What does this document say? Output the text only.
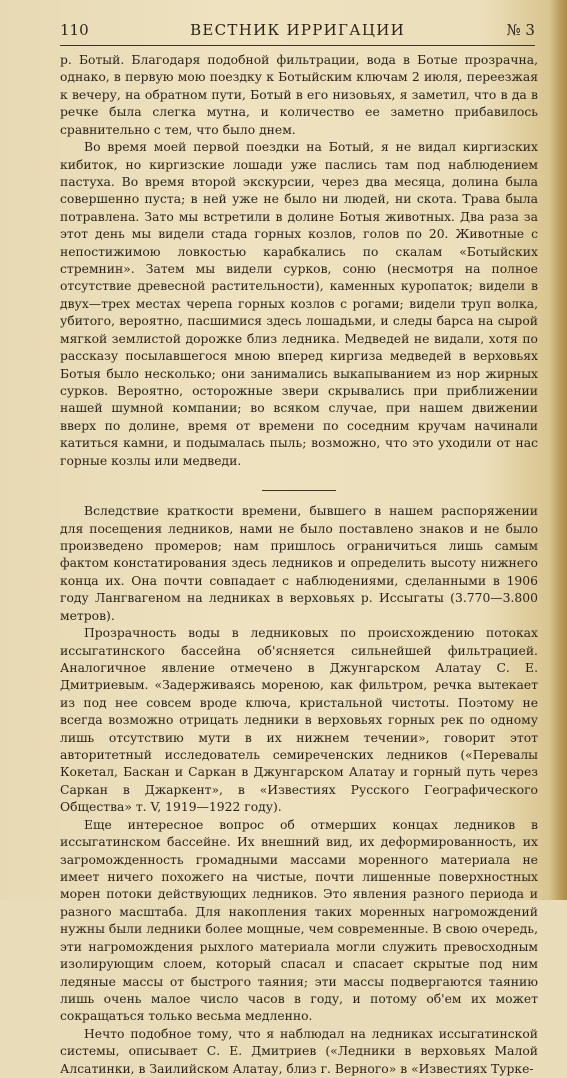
110	ВЕСТНИК ИРРИГАЦИИ	№ 3

р. Ботый. Благодаря подобной фильтрации, вода в Ботые прозрачна, однако, в первую мою поездку к Ботыйским ключам 2 июля, переезжая к вечеру, на обратном пути, Ботый в его низовьях, я заметил, что в да в речке была слегка мутна, и количество ее заметно прибавилось сравнительно с тем, что было днем.

Во время моей первой поездки на Ботый, я не видал киргизских кибиток, но киргизские лошади уже паслись там под наблюдением пастуха. Во время второй экскурсии, через два месяца, долина была совершенно пуста; в ней уже не было ни людей, ни скота. Трава была потравлена. Зато мы встретили в долине Ботыя животных. Два раза за этот день мы видели стада горных козлов, голов по 20. Животные с непостижимою ловкостью карабкались по скалам «Ботыйских стремнин». Затем мы видели сурков, соню (несмотря на полное отсутствие древесной растительности), каменных куропаток; видели в двух—трех местах черепа горных козлов с рогами; видели труп волка, убитого, вероятно, пасшимися здесь лошадьми, и следы барса на сырой мягкой землистой дорожке близ ледника. Медведей не видали, хотя по рассказу посылавшегося мною вперед киргиза медведей в верховьях Ботыя было несколько; они занимались выкапыванием из нор жирных сурков. Вероятно, осторожные звери скрывались при приближении нашей шумной компании; во всяком случае, при нашем движении вверх по долине, время от времени по соседним кручам начинали катиться камни, и подымалась пыль; возможно, что это уходили от нас горные козлы или медведи.

Вследствие краткости времени, бывшего в нашем распоряжении для посещения ледников, нами не было поставлено знаков и не было произведено промеров; нам пришлось ограничиться лишь самым фактом констатирования здесь ледников и определить высоту нижнего конца их. Она почти совпадает с наблюдениями, сделанными в 1906 году Лангвагеном на ледниках в верховьях р. Иссыгаты (3.770—3.800 метров).

Прозрачность воды в ледниковых по происхождению потоках иссыгатинского бассейна об'ясняется сильнейшей фильтрацией. Аналогичное явление отмечено в Джунгарском Алатау С. Е. Дмитриевым. «Задерживаясь мореною, как фильтром, речка вытекает из под нее совсем вроде ключа, кристальной чистоты. Поэтому не всегда возможно отрицать ледники в верховьях горных рек по одному лишь отсутствию мути в их нижнем течении», говорит этот авторитетный исследователь семиреченских ледников («Перевалы Кокетал, Баскан и Саркан в Джунгарском Алатау и горный путь через Саркан в Джаркент», в «Известиях Русского Географического Общества» т. V, 1919—1922 году).

Еще интересное вопрос об отмерших концах ледников в иссыгатинском бассейне. Их внешний вид, их деформированность, их загроможденность громадными массами моренного материала не имеет ничего похожего на чистые, почти лишенные поверхностных морен потоки действующих ледников. Это явления разного периода и разного масштаба. Для накопления таких моренных нагромождений нужны были ледники более мощные, чем современные. В свою очередь, эти нагромождения рыхлого материала могли служить превосходным изолирующим слоем, который спасал и спасает скрытые под ним ледяные массы от быстрого таяния; эти массы подвергаются таянию лишь очень малое число часов в году, и потому об'ем их может сокращаться только весьма медленно.

Нечто подобное тому, что я наблюдал на ледниках иссыгатинской системы, описывает С. Е. Дмитриев («Ледники в верховьях Малой Алсатинки, в Заилийском Алатау, близ г. Верного» в «Известиях Турке-
